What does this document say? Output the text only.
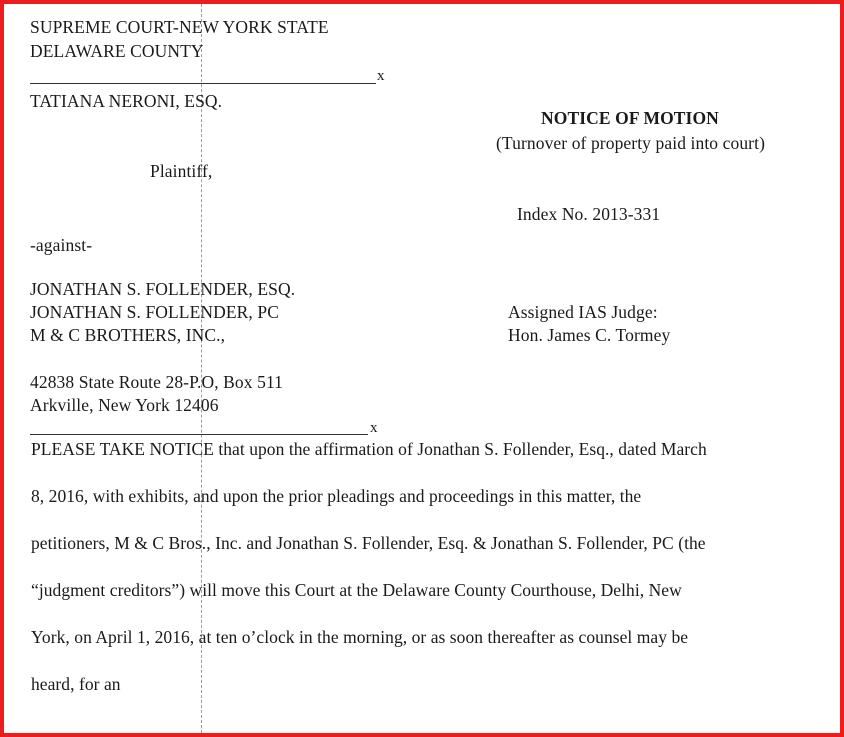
SUPREME COURT-NEW YORK STATE
DELAWARE COUNTY
x
TATIANA NERONI, ESQ.
Plaintiff,
-against-
JONATHAN S. FOLLENDER, ESQ.
JONATHAN S. FOLLENDER, PC
M & C BROTHERS, INC.,
42838 State Route 28-P.O, Box 511
Arkville, New York 12406
x
NOTICE OF MOTION
(Turnover of property paid into court)
Index No. 2013-331
Assigned IAS Judge:
Hon. James C. Tormey
PLEASE TAKE NOTICE that upon the affirmation of Jonathan S. Follender, Esq., dated March
8, 2016, with exhibits, and upon the prior pleadings and proceedings in this matter, the
petitioners, M & C Bros., Inc. and Jonathan S. Follender, Esq. & Jonathan S. Follender, PC (the
“judgment creditors”) will move this Court at the Delaware County Courthouse, Delhi, New
York, on April 1, 2016, at ten o’clock in the morning, or as soon thereafter as counsel may be
heard, for an
